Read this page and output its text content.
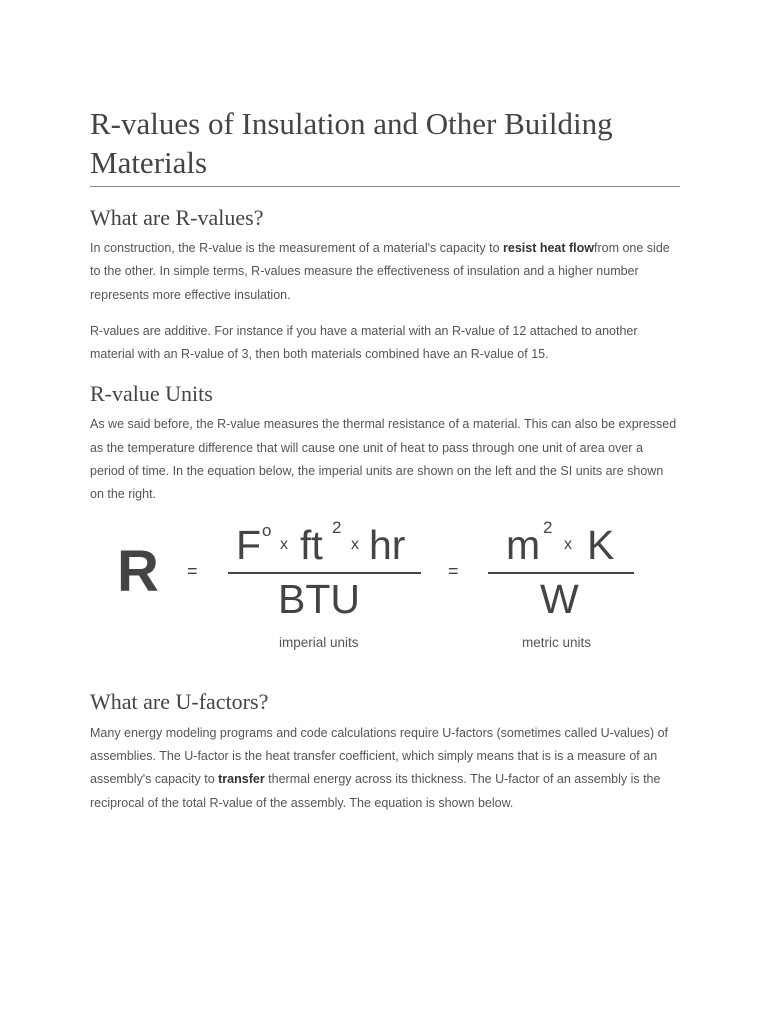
R-values of Insulation and Other Building Materials
What are R-values?

In construction, the R-value is the measurement of a material's capacity to resist heat flowfrom one side to the other. In simple terms, R-values measure the effectiveness of insulation and a higher number represents more effective insulation.

R-values are additive. For instance if you have a material with an R-value of 12 attached to another material with an R-value of 3, then both materials combined have an R-value of 15.

R-value Units

As we said before, the R-value measures the thermal resistance of a material. This can also be expressed as the temperature difference that will cause one unit of heat to pass through one unit of area over a period of time. In the equation below, the imperial units are shown on the left and the SI units are shown on the right.

R =
F o
x ft 2
x hr
BTU
imperial units
=
m 2
x K
W
metric units
What are U-factors?

Many energy modeling programs and code calculations require U-factors (sometimes called U-values) of assemblies. The U-factor is the heat transfer coefficient, which simply means that is is a measure of an assembly's capacity to transfer thermal energy across its thickness. The U-factor of an assembly is the reciprocal of the total R-value of the assembly. The equation is shown below.
